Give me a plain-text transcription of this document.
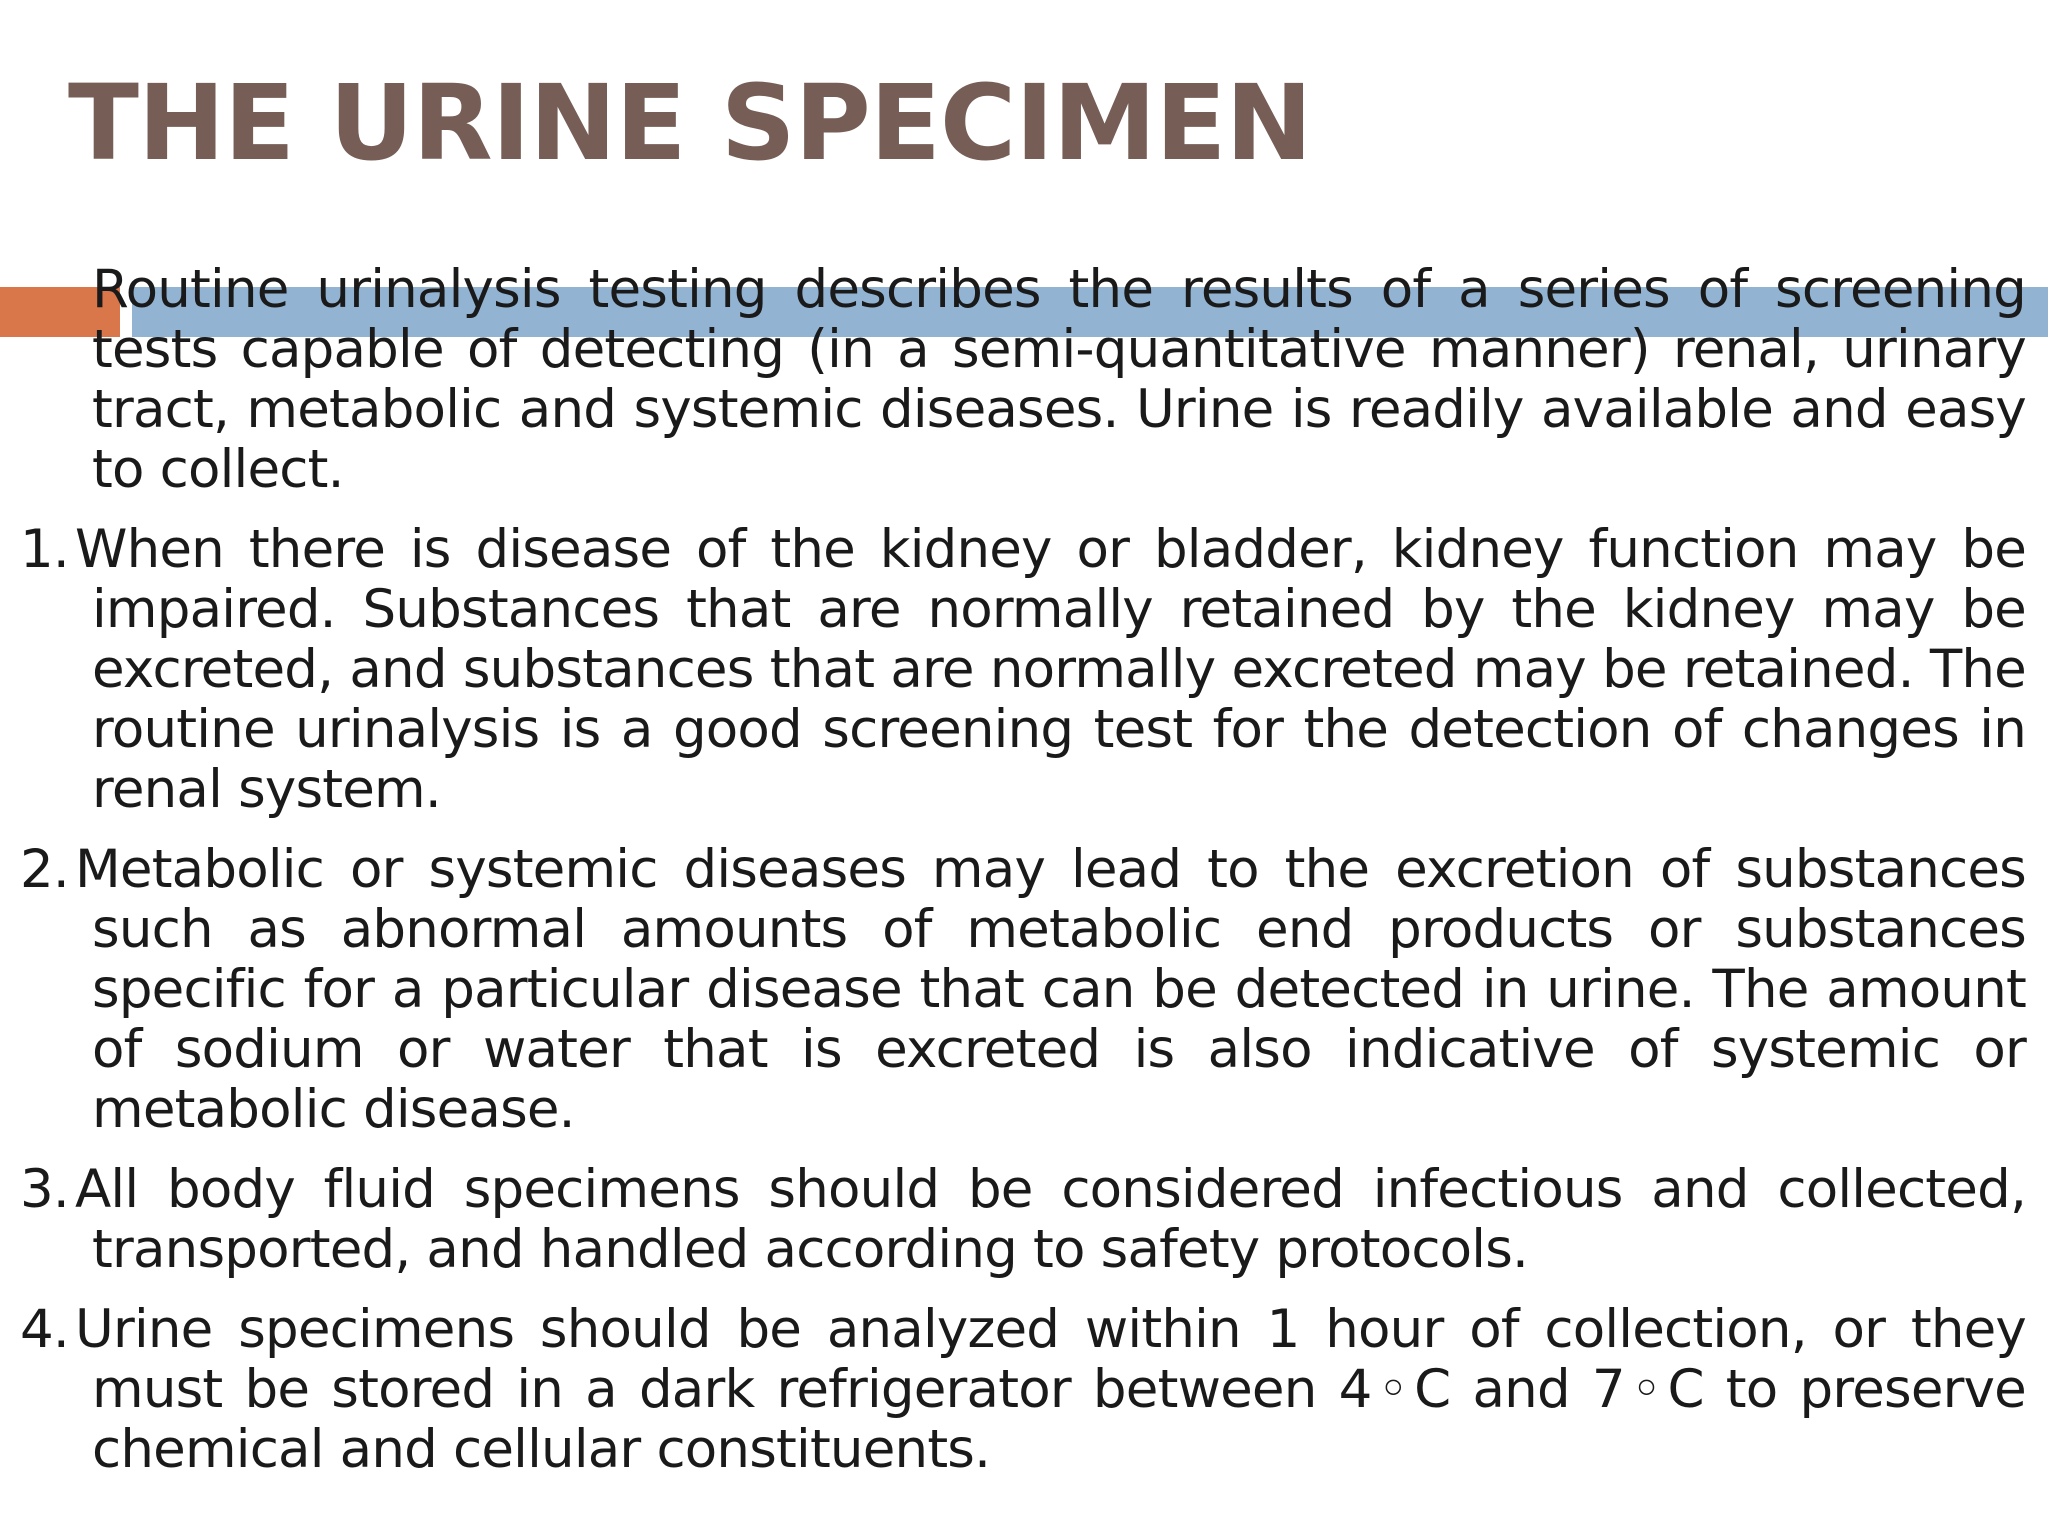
THE URINE SPECIMEN

Routine urinalysis testing describes the results of a series of screening tests capable of detecting (in a semi-quantitative manner) renal, urinary tract, metabolic and systemic diseases. Urine is readily available and easy to collect.

1. When there is disease of the kidney or bladder, kidney function may be impaired. Substances that are normally retained by the kidney may be excreted, and substances that are normally excreted may be retained. The routine urinalysis is a good screening test for the detection of changes in renal system.

2. Metabolic or systemic diseases may lead to the excretion of substances such as abnormal amounts of metabolic end products or substances specific for a particular disease that can be detected in urine. The amount of sodium or water that is excreted is also indicative of systemic or metabolic disease.

3. All body fluid specimens should be considered infectious and collected, transported, and handled according to safety protocols.

4. Urine specimens should be analyzed within 1 hour of collection, or they must be stored in a dark refrigerator between 4◦C and 7◦C to preserve chemical and cellular constituents.
